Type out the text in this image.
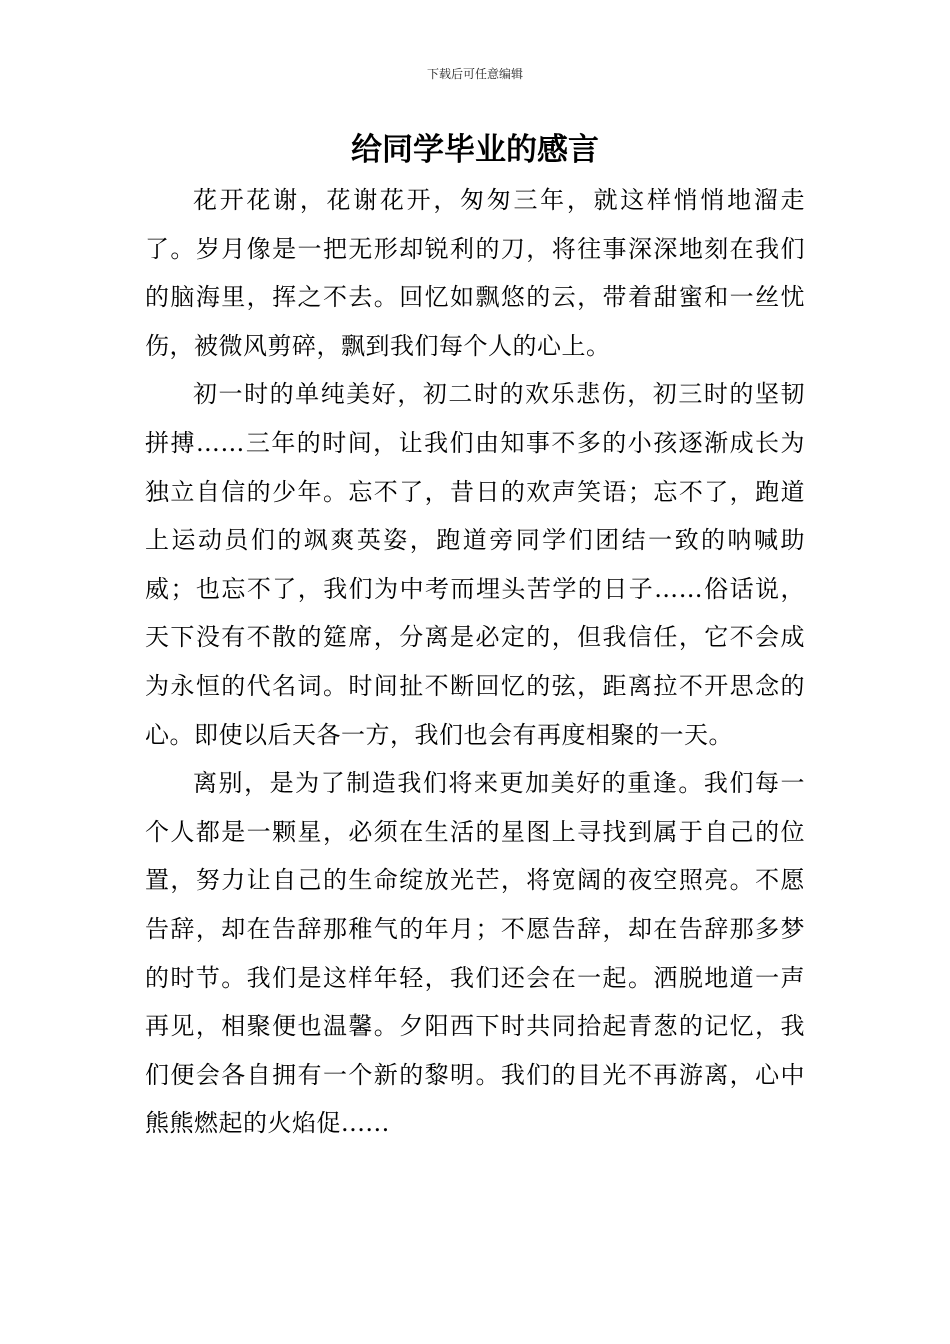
下载后可任意编辑
给同学毕业的感言

花开花谢，花谢花开，匆匆三年，就这样悄悄地溜走了。岁月像是一把无形却锐利的刀，将往事深深地刻在我们的脑海里，挥之不去。回忆如飘悠的云，带着甜蜜和一丝忧伤，被微风剪碎，飘到我们每个人的心上。

初一时的单纯美好，初二时的欢乐悲伤，初三时的坚韧拼搏……三年的时间，让我们由知事不多的小孩逐渐成长为独立自信的少年。忘不了，昔日的欢声笑语；忘不了，跑道上运动员们的飒爽英姿，跑道旁同学们团结一致的呐喊助威；也忘不了，我们为中考而埋头苦学的日子……俗话说，天下没有不散的筵席，分离是必定的，但我信任，它不会成为永恒的代名词。时间扯不断回忆的弦，距离拉不开思念的心。即使以后天各一方，我们也会有再度相聚的一天。

离别，是为了制造我们将来更加美好的重逢。我们每一个人都是一颗星，必须在生活的星图上寻找到属于自己的位置，努力让自己的生命绽放光芒，将宽阔的夜空照亮。不愿告辞，却在告辞那稚气的年月；不愿告辞，却在告辞那多梦的时节。我们是这样年轻，我们还会在一起。洒脱地道一声再见，相聚便也温馨。夕阳西下时共同拾起青葱的记忆，我们便会各自拥有一个新的黎明。我们的目光不再游离，心中熊熊燃起的火焰促......
